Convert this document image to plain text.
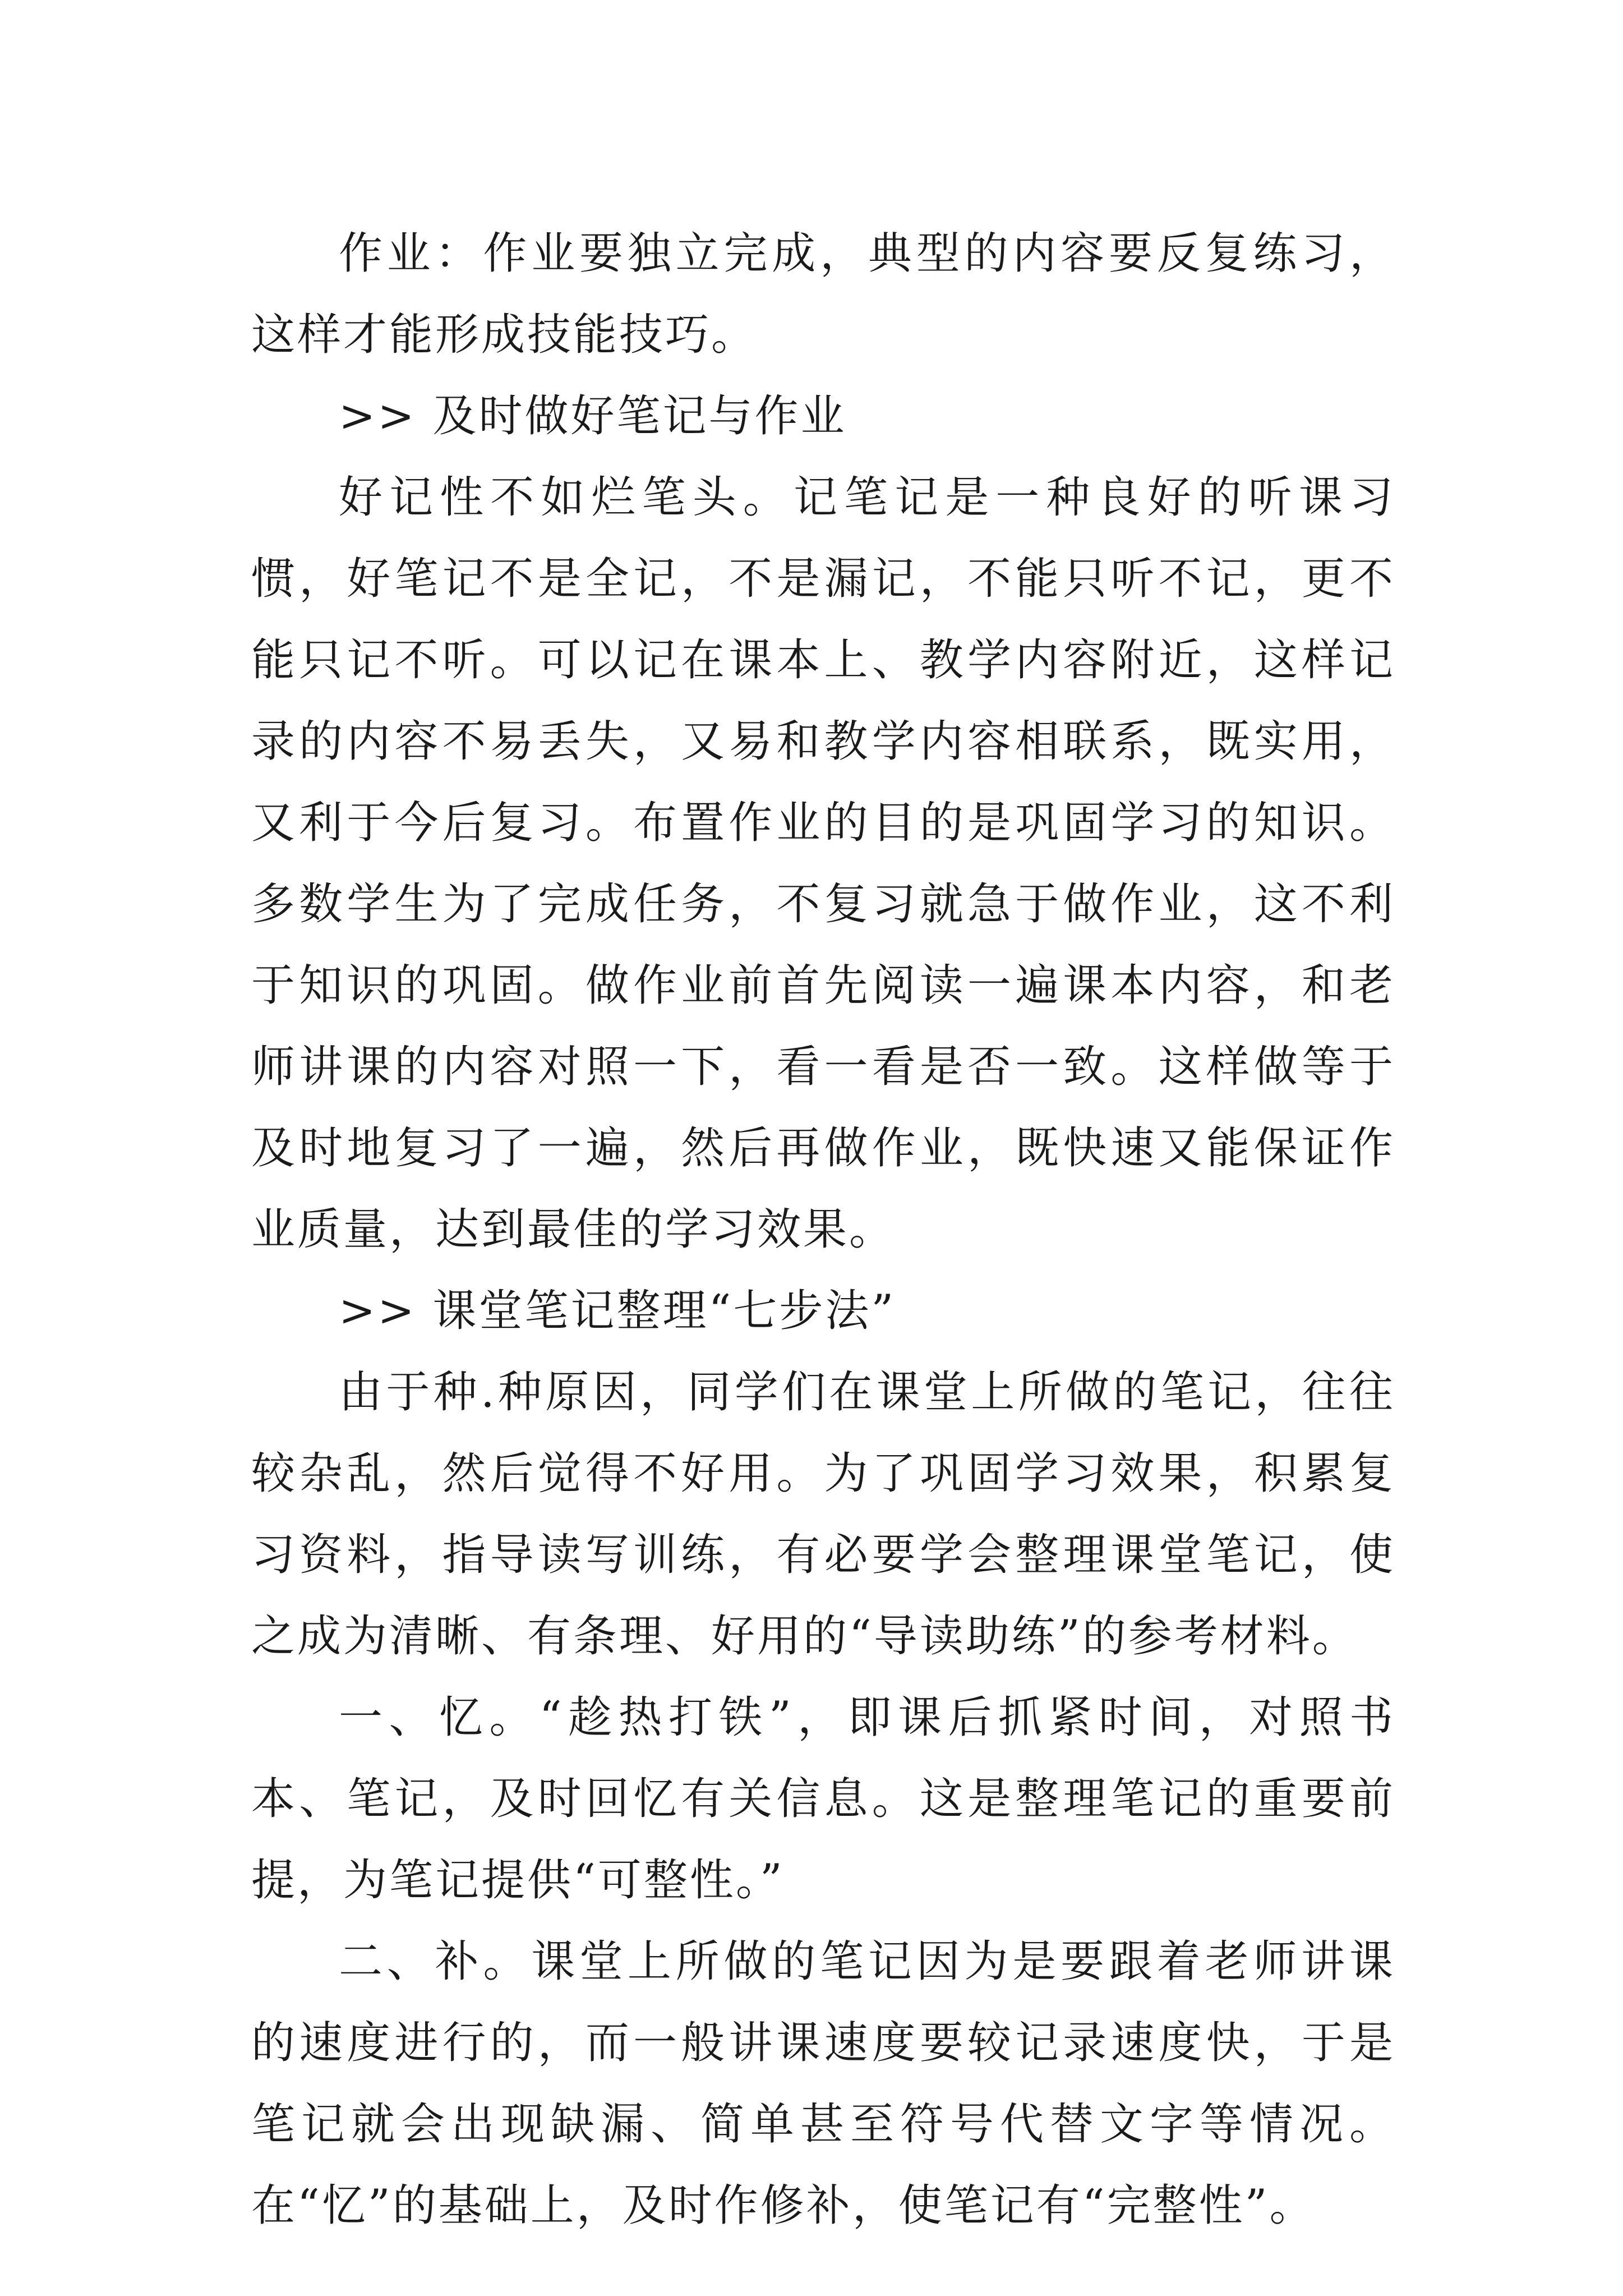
作业：作业要独立完成，典型的内容要反复练习，这样才能形成技能技巧。

>> 及时做好笔记与作业

好记性不如烂笔头。记笔记是一种良好的听课习惯，好笔记不是全记，不是漏记，不能只听不记，更不能只记不听。可以记在课本上、教学内容附近，这样记录的内容不易丢失，又易和教学内容相联系，既实用，又利于今后复习。布置作业的目的是巩固学习的知识。多数学生为了完成任务，不复习就急于做作业，这不利于知识的巩固。做作业前首先阅读一遍课本内容，和老师讲课的内容对照一下，看一看是否一致。这样做等于及时地复习了一遍，然后再做作业，既快速又能保证作业质量，达到最佳的学习效果。

>> 课堂笔记整理“七步法”

由于种.种原因，同学们在课堂上所做的笔记，往往较杂乱，然后觉得不好用。为了巩固学习效果，积累复习资料，指导读写训练，有必要学会整理课堂笔记，使之成为清晰、有条理、好用的“导读助练”的参考材料。

一、忆。“趁热打铁”，即课后抓紧时间，对照书本、笔记，及时回忆有关信息。这是整理笔记的重要前提，为笔记提供“可整性。”

二、补。课堂上所做的笔记因为是要跟着老师讲课的速度进行的，而一般讲课速度要较记录速度快，于是笔记就会出现缺漏、简单甚至符号代替文字等情况。在“忆”的基础上，及时作修补，使笔记有“完整性”。
